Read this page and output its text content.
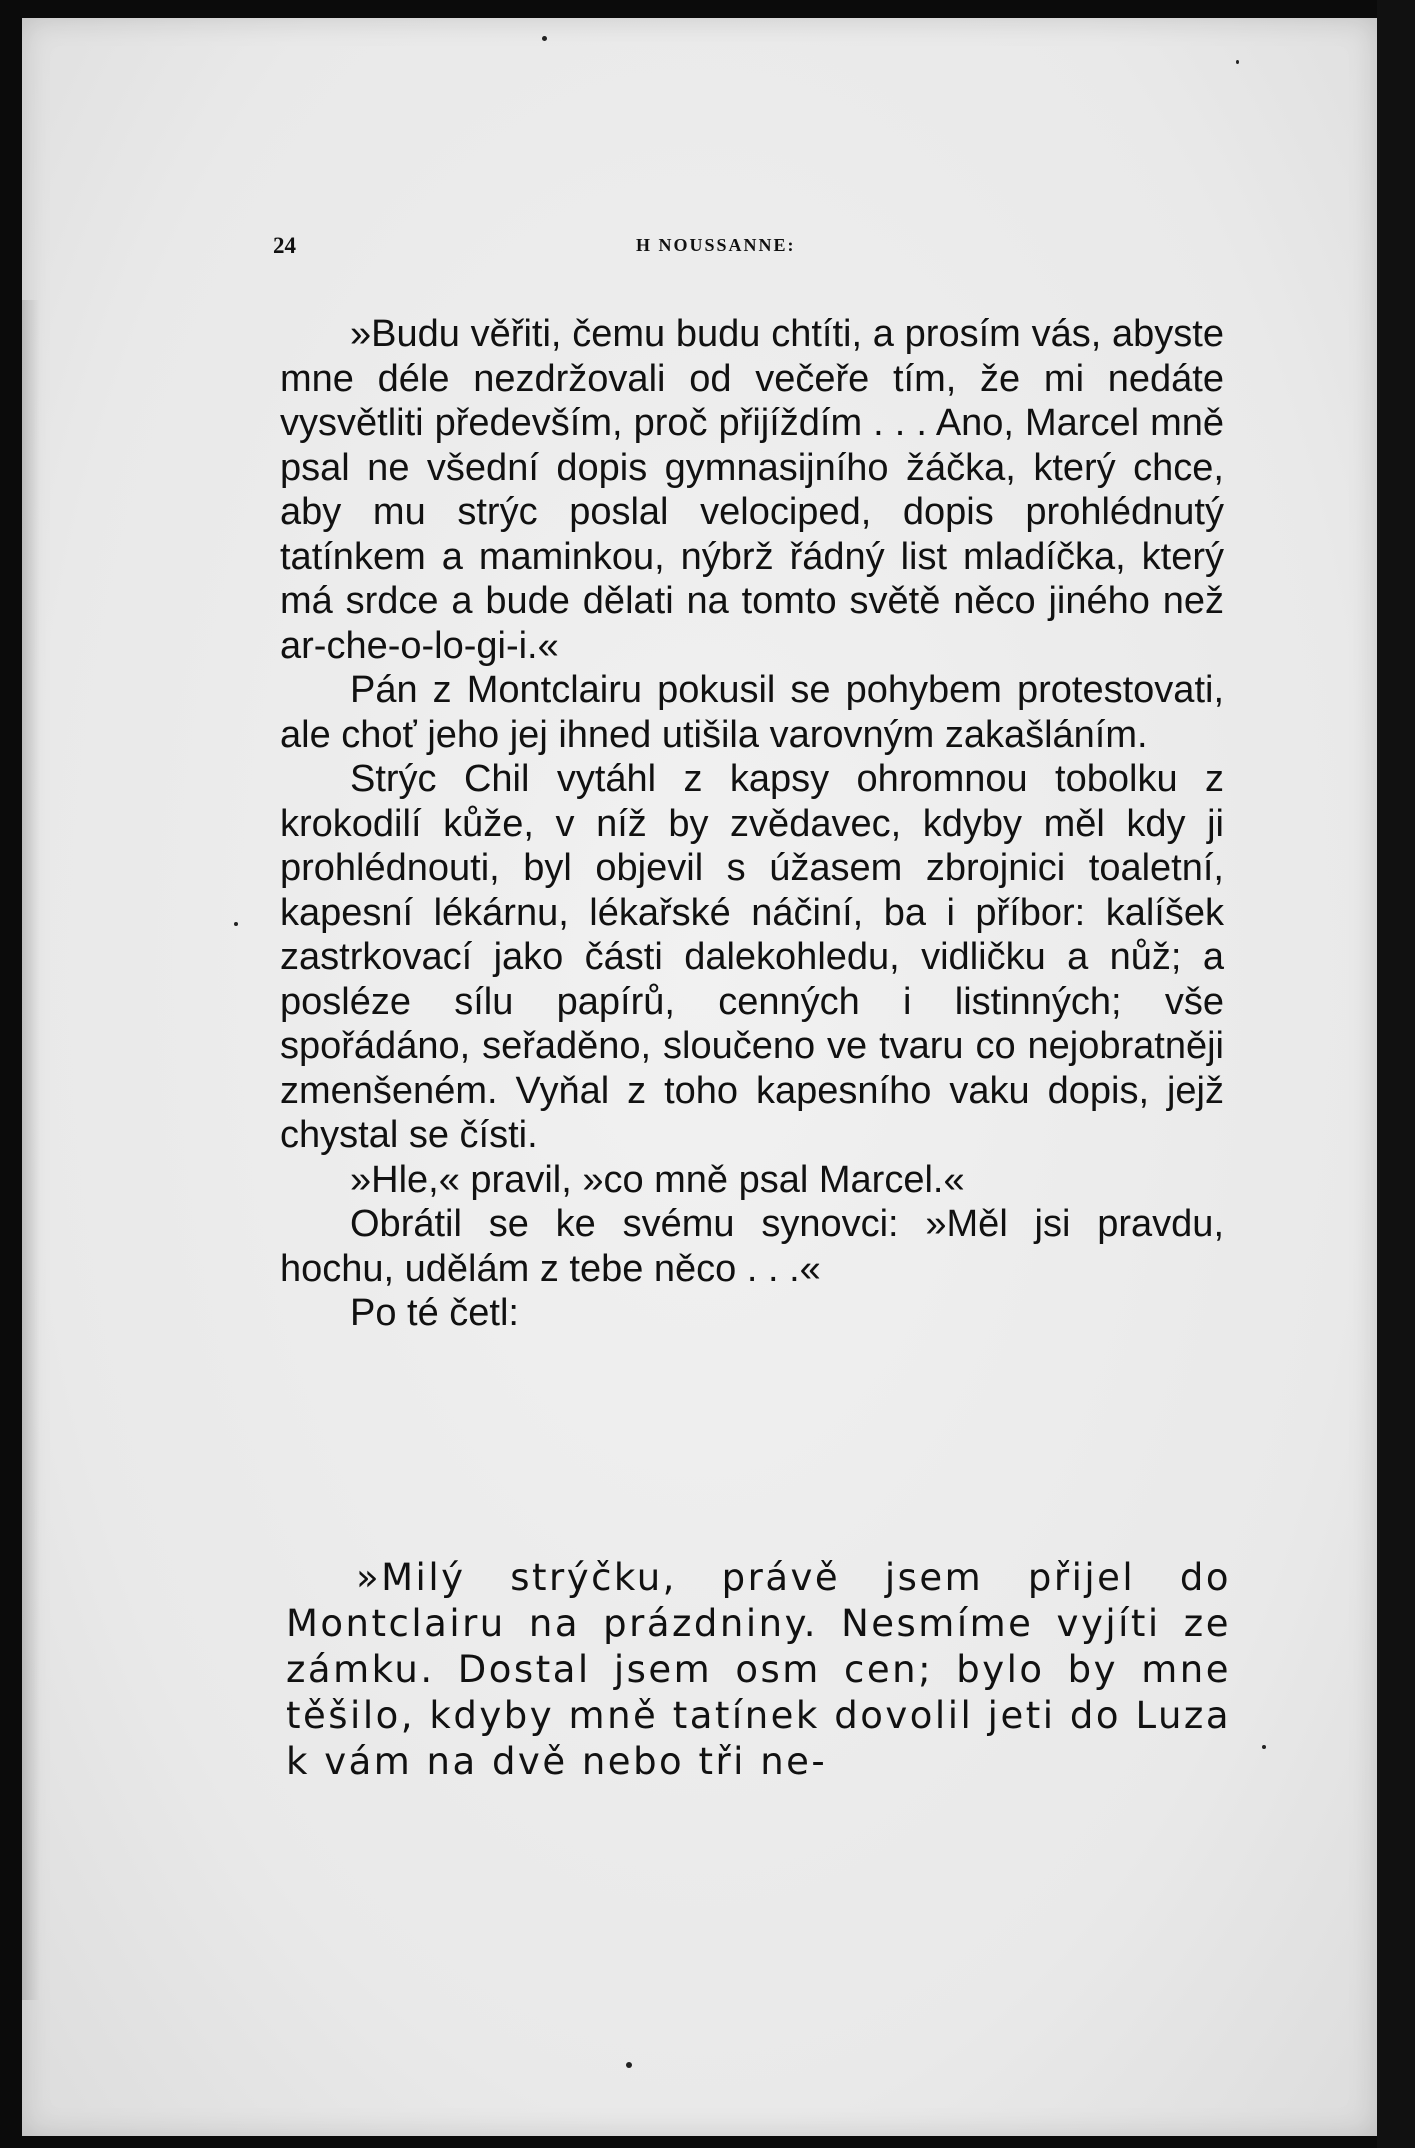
24	H NOUSSANNE:

»Budu věřiti, čemu budu chtíti, a prosím vás, abyste mne déle nezdržovali od večeře tím, že mi nedáte vysvětliti především, proč přijíždím . . . Ano, Marcel mně psal ne všední dopis gymnasijního žáčka, který chce, aby mu strýc poslal velociped, dopis prohlédnutý tatínkem a maminkou, nýbrž řádný list mladíčka, který má srdce a bude dělati na tomto světě něco jiného než ar-che-o-lo-gi-i.«

Pán z Montclairu pokusil se pohybem protestovati, ale choť jeho jej ihned utišila varovným zakašláním.

Strýc Chil vytáhl z kapsy ohromnou tobolku z krokodilí kůže, v níž by zvědavec, kdyby měl kdy ji prohlédnouti, byl objevil s úžasem zbrojnici toaletní, kapesní lékárnu, lékařské náčiní, ba i příbor: kalíšek zastrkovací jako části dalekohledu, vidličku a nůž; a posléze sílu papírů, cenných i listinných; vše spořádáno, seřaděno, sloučeno ve tvaru co nejobratněji zmenšeném. Vyňal z toho kapesního vaku dopis, jejž chystal se čísti.

»Hle,« pravil, »co mně psal Marcel.«

Obrátil se ke svému synovci: »Měl jsi pravdu, hochu, udělám z tebe něco . . .«

Po té četl:

»Milý strýčku, právě jsem přijel do Montclairu na prázdniny. Nesmíme vyjíti ze zámku. Dostal jsem osm cen; bylo by mne těšilo, kdyby mně tatínek dovolil jeti do Luza k vám na dvě nebo tři ne-
